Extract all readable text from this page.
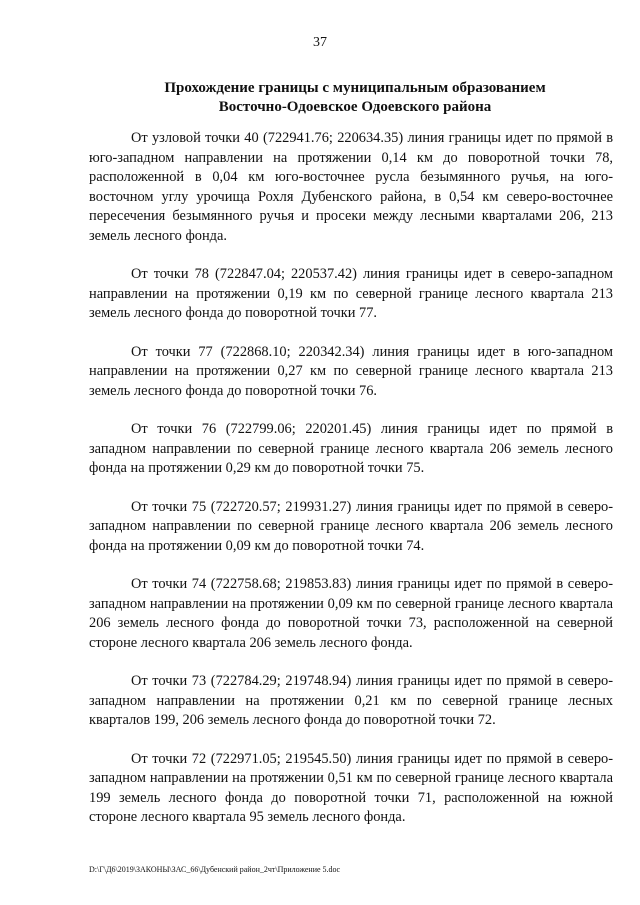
37
Прохождение границы с муниципальным образованием
Восточно-Одоевское Одоевского района

От узловой точки 40 (722941.76; 220634.35) линия границы идет по прямой в юго-западном направлении на протяжении 0,14 км до поворотной точки 78, расположенной в 0,04 км юго-восточнее русла безымянного ручья, на юго-восточном углу урочища Рохля Дубенского района, в 0,54 км северо-восточнее пересечения безымянного ручья и просеки между лесными кварталами 206, 213 земель лесного фонда.

От точки 78 (722847.04; 220537.42) линия границы идет в северо-западном направлении на протяжении 0,19 км по северной границе лесного квартала 213 земель лесного фонда до поворотной точки 77.

От точки 77 (722868.10; 220342.34) линия границы идет в юго-западном направлении на протяжении 0,27 км по северной границе лесного квартала 213 земель лесного фонда до поворотной точки 76.

От точки 76 (722799.06; 220201.45) линия границы идет по прямой в западном направлении по северной границе лесного квартала 206 земель лесного фонда на протяжении 0,29 км до поворотной точки 75.

От точки 75 (722720.57; 219931.27) линия границы идет по прямой в северо-западном направлении по северной границе лесного квартала 206 земель лесного фонда на протяжении 0,09 км до поворотной точки 74.

От точки 74 (722758.68; 219853.83) линия границы идет по прямой в северо-западном направлении на протяжении 0,09 км по северной границе лесного квартала 206 земель лесного фонда до поворотной точки 73, расположенной на северной стороне лесного квартала 206 земель лесного фонда.

От точки 73 (722784.29; 219748.94) линия границы идет по прямой в северо-западном направлении на протяжении 0,21 км по северной границе лесных кварталов 199, 206 земель лесного фонда до поворотной точки 72.

От точки 72 (722971.05; 219545.50) линия границы идет по прямой в северо-западном направлении на протяжении 0,51 км по северной границе лесного квартала 199 земель лесного фонда до поворотной точки 71, расположенной на южной стороне лесного квартала 95 земель лесного фонда.

D:\Г\Д6\2019\ЗАКОНЫ\ЗАС_66\Дубенский район_2чт\Приложение 5.doc
